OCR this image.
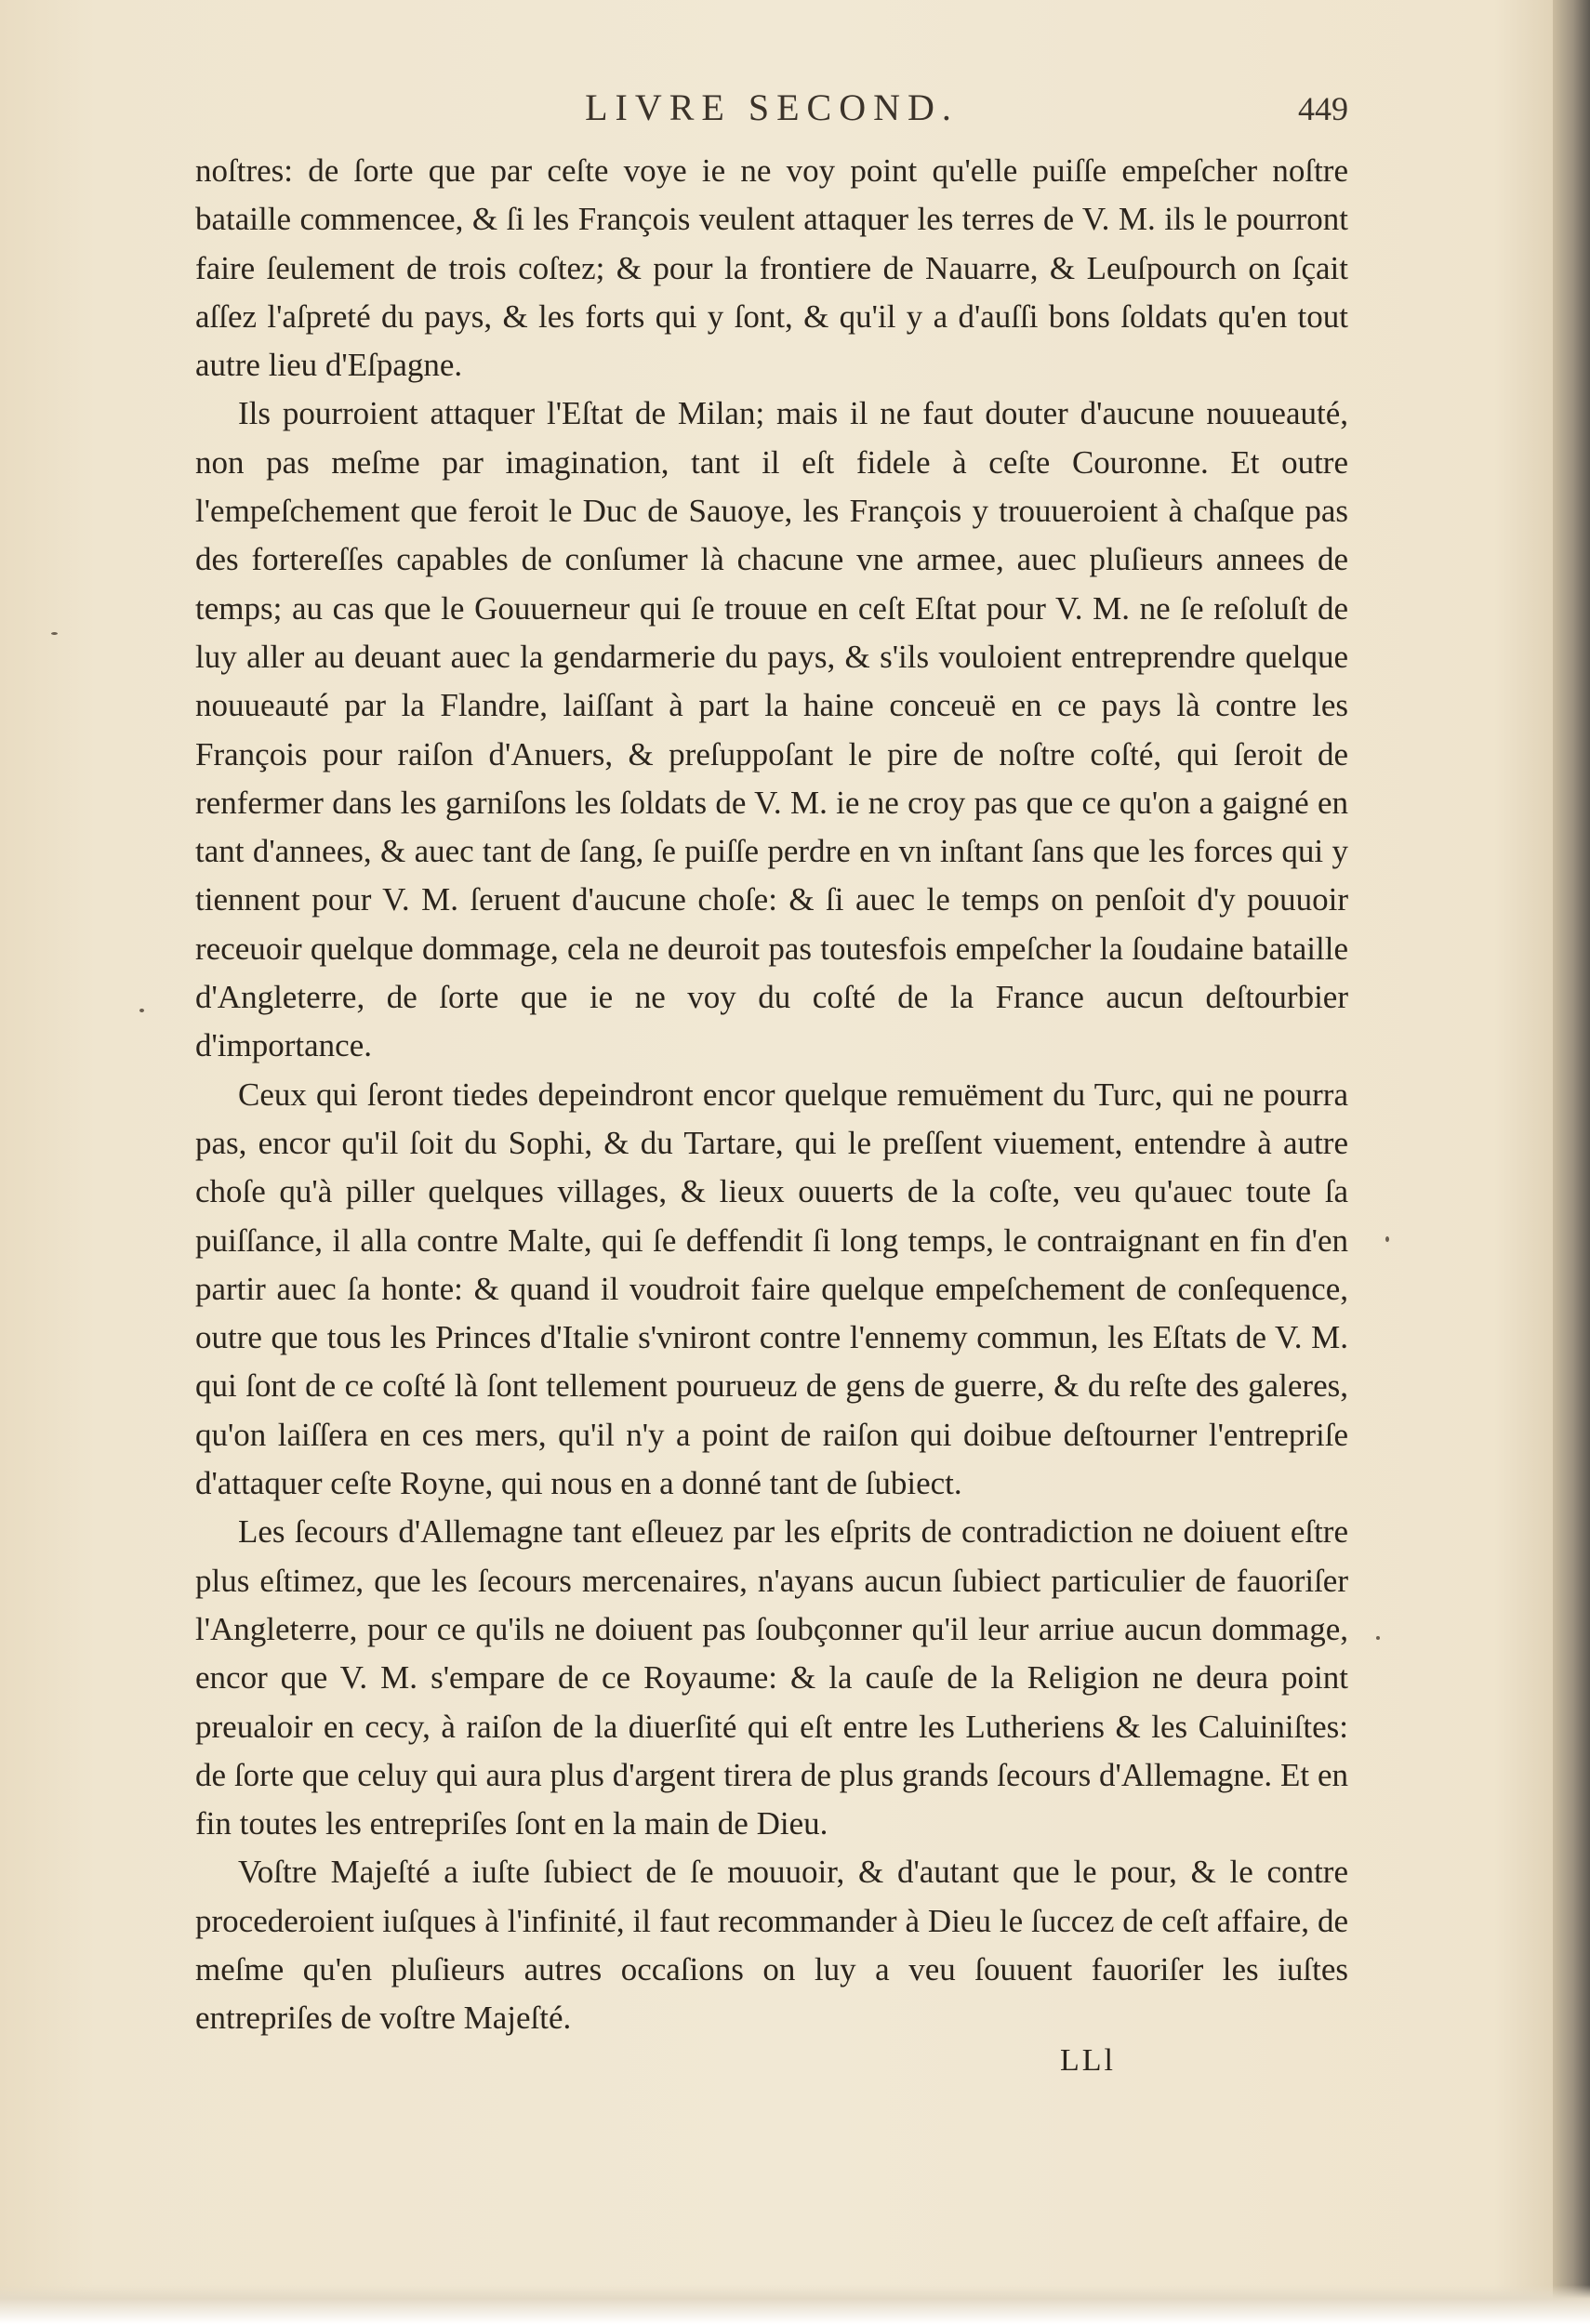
LIVRE SECOND.	449

noſtres: de ſorte que par ceſte voye ie ne voy point qu'elle puiſſe empeſcher noſtre bataille commencee, & ſi les François veulent attaquer les terres de V. M. ils le pourront faire ſeulement de trois coſtez; & pour la frontiere de Nauarre, & Leuſpourch on ſçait aſſez l'aſpreté du pays, & les forts qui y ſont, & qu'il y a d'auſſi bons ſoldats qu'en tout autre lieu d'Eſpagne.

Ils pourroient attaquer l'Eſtat de Milan; mais il ne faut douter d'aucune nouueauté, non pas meſme par imagination, tant il eſt fidele à ceſte Couronne. Et outre l'empeſchement que feroit le Duc de Sauoye, les François y trouueroient à chaſque pas des fortereſſes capables de conſumer là chacune vne armee, auec pluſieurs annees de temps; au cas que le Gouuerneur qui ſe trouue en ceſt Eſtat pour V. M. ne ſe reſoluſt de luy aller au deuant auec la gendarmerie du pays, & s'ils vouloient entreprendre quelque nouueauté par la Flandre, laiſſant à part la haine conceuë en ce pays là contre les François pour raiſon d'Anuers, & preſuppoſant le pire de noſtre coſté, qui ſeroit de renfermer dans les garniſons les ſoldats de V. M. ie ne croy pas que ce qu'on a gaigné en tant d'annees, & auec tant de ſang, ſe puiſſe perdre en vn inſtant ſans que les forces qui y tiennent pour V. M. ſeruent d'aucune choſe: & ſi auec le temps on penſoit d'y pouuoir receuoir quelque dommage, cela ne deuroit pas toutesfois empeſcher la ſoudaine bataille d'Angleterre, de ſorte que ie ne voy du coſté de la France aucun deſtourbier d'importance.

Ceux qui ſeront tiedes depeindront encor quelque remuëment du Turc, qui ne pourra pas, encor qu'il ſoit du Sophi, & du Tartare, qui le preſſent viuement, entendre à autre choſe qu'à piller quelques villages, & lieux ouuerts de la coſte, veu qu'auec toute ſa puiſſance, il alla contre Malte, qui ſe deffendit ſi long temps, le contraignant en fin d'en partir auec ſa honte: & quand il voudroit faire quelque empeſchement de conſequence, outre que tous les Princes d'Italie s'vniront contre l'ennemy commun, les Eſtats de V. M. qui ſont de ce coſté là ſont tellement pourueuz de gens de guerre, & du reſte des galeres, qu'on laiſſera en ces mers, qu'il n'y a point de raiſon qui doibue deſtourner l'entrepriſe d'attaquer ceſte Royne, qui nous en a donné tant de ſubiect.

Les ſecours d'Allemagne tant eſleuez par les eſprits de contradiction ne doiuent eſtre plus eſtimez, que les ſecours mercenaires, n'ayans aucun ſubiect particulier de fauoriſer l'Angleterre, pour ce qu'ils ne doiuent pas ſoubçonner qu'il leur arriue aucun dommage, encor que V. M. s'empare de ce Royaume: & la cauſe de la Religion ne deura point preualoir en cecy, à raiſon de la diuerſité qui eſt entre les Lutheriens & les Caluiniſtes: de ſorte que celuy qui aura plus d'argent tirera de plus grands ſecours d'Allemagne. Et en fin toutes les entrepriſes ſont en la main de Dieu.

Voſtre Majeſté a iuſte ſubiect de ſe mouuoir, & d'autant que le pour, & le contre procederoient iuſques à l'infinité, il faut recommander à Dieu le ſuccez de ceſt affaire, de meſme qu'en pluſieurs autres occaſions on luy a veu ſouuent fauoriſer les iuſtes entrepriſes de voſtre Majeſté.

LLl
